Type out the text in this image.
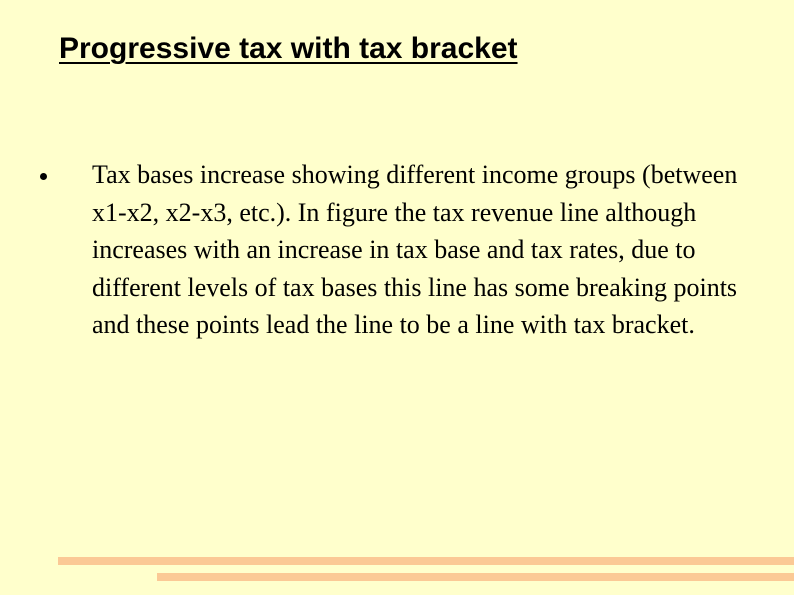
Progressive tax with tax bracket
Tax bases increase showing different income groups (between x1-x2, x2-x3, etc.). In figure the tax revenue line although increases with an increase in tax base and tax rates, due to different levels of tax bases this line has some breaking points and these points lead the line to be a line with tax bracket.
